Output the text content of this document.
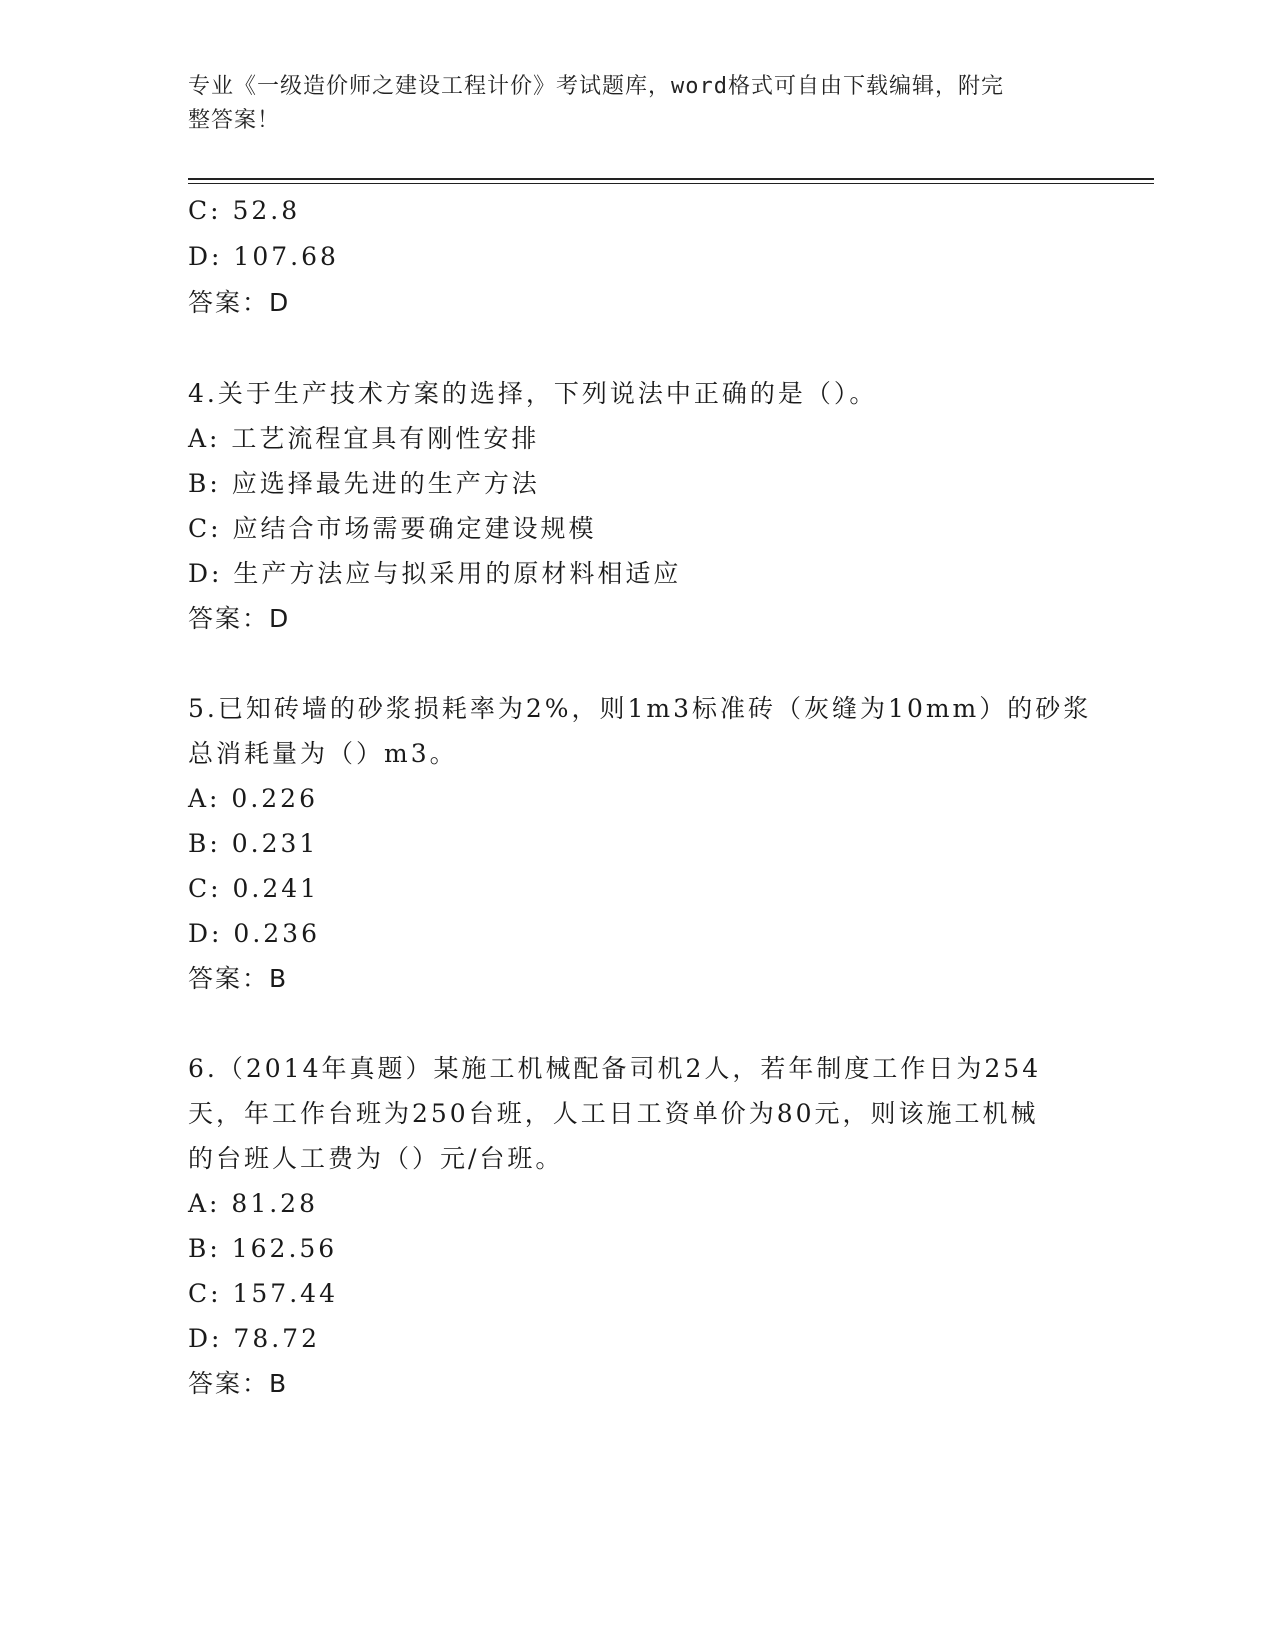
专业《一级造价师之建设工程计价》考试题库，word格式可自由下载编辑，附完
整答案！
C: 52.8
D: 107.68
答案：D
4.关于生产技术方案的选择，下列说法中正确的是（）。
A: 工艺流程宜具有刚性安排
B: 应选择最先进的生产方法
C: 应结合市场需要确定建设规模
D: 生产方法应与拟采用的原材料相适应
答案：D
5.已知砖墙的砂浆损耗率为2%，则1m3标准砖（灰缝为10mm）的砂浆
总消耗量为（）m3。
A: 0.226
B: 0.231
C: 0.241
D: 0.236
答案：B
6.（2014年真题）某施工机械配备司机2人，若年制度工作日为254
天，年工作台班为250台班，人工日工资单价为80元，则该施工机械
的台班人工费为（）元/台班。
A: 81.28
B: 162.56
C: 157.44
D: 78.72
答案：B
